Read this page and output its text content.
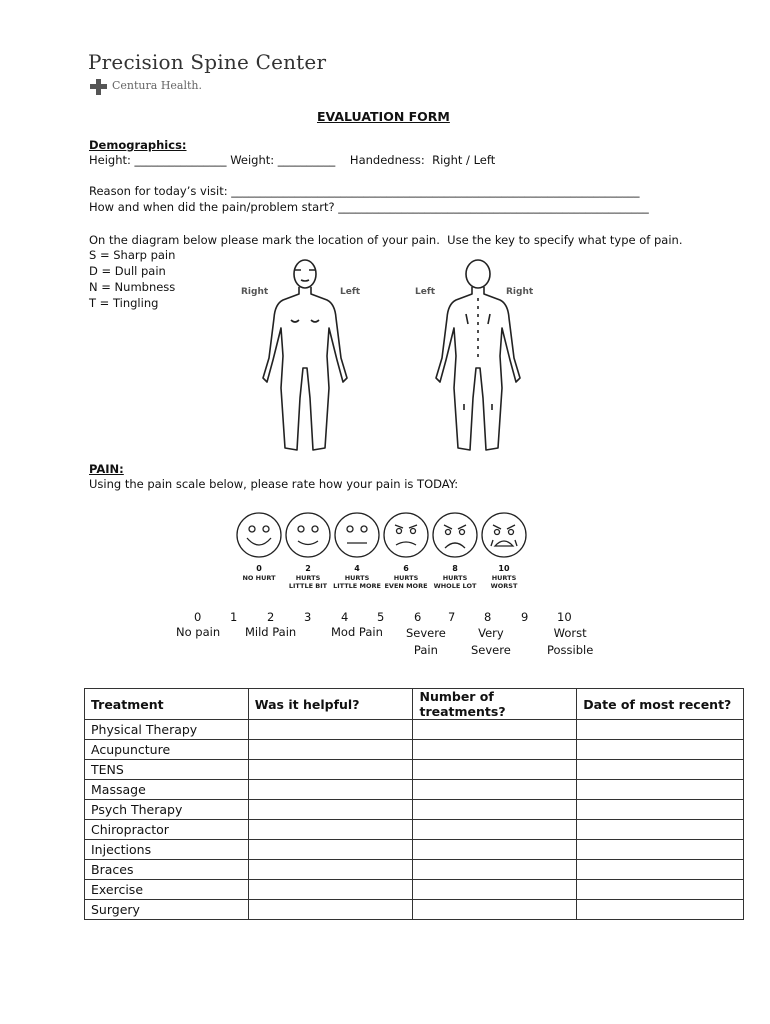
Precision Spine Center
Centura Health.
EVALUATION FORM
Demographics:
Height: ________________ Weight: __________    Handedness:  Right / Left
Reason for today’s visit: _______________________________________________________________________
How and when did the pain/problem start? ______________________________________________________
On the diagram below please mark the location of your pain.  Use the key to specify what type of pain.
S = Sharp pain
D = Dull pain
N = Numbness
T = Tingling
Right	Left	Left	Right
PAIN:
Using the pain scale below, please rate how your pain is TODAY:
0	2	4	6	8	10
NO HURT	HURTS
LITTLE BIT
HURTS
LITTLE MORE
HURTS
EVEN MORE
HURTS
WHOLE LOT
HURTS
WORST
0 1	2	3	4 5	6 7 8	9 10
No pain Mild Pain	Mod Pain Severe
Pain
Very
Severe
Worst
Possible
Treatment	Was it helpful?	Number of treatments?	Date of most recent?
Physical Therapy			
Acupuncture			
TENS			
Massage			
Psych Therapy			
Chiropractor			
Injections			
Braces			
Exercise			
Surgery			
